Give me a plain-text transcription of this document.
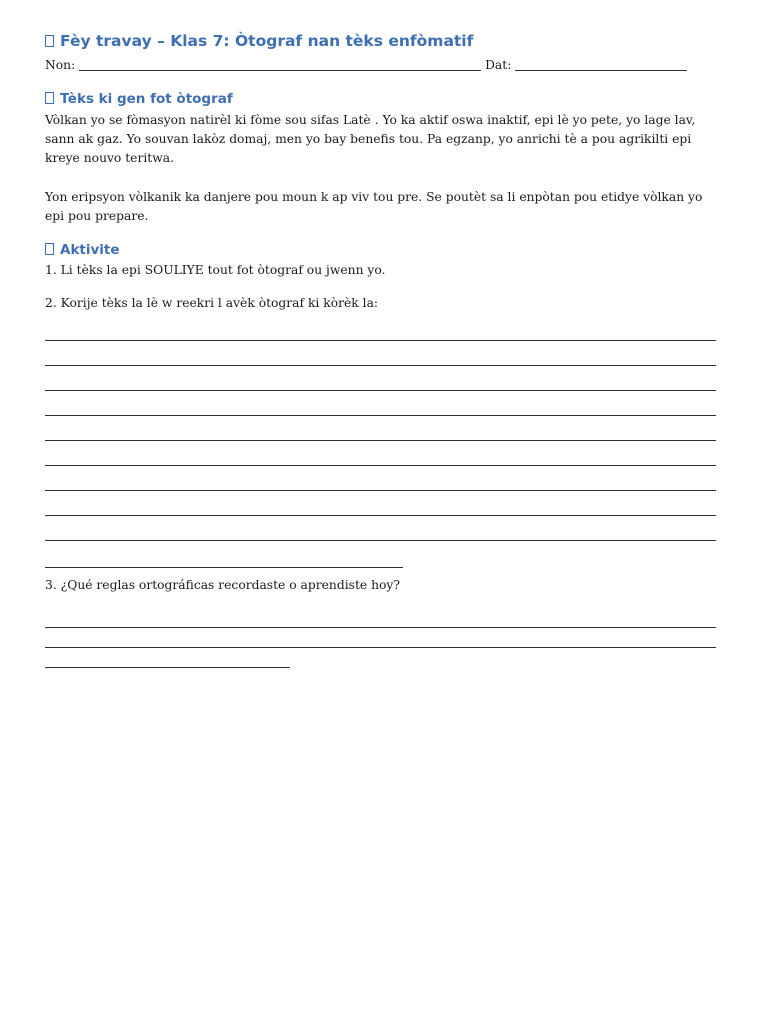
Fèy travay – Klas 7: Òtograf nan tèks enfòmatif
Non:	Dat:
Tèks ki gen fot òtograf
Vòlkan yo se fòmasyon natirèl ki fòme sou sifas Latè . Yo ka aktif oswa inaktif, epi lè yo pete, yo lage lav, sann ak gaz. Yo souvan lakòz domaj, men yo bay benefis tou. Pa egzanp, yo anrichi tè a pou agrikilti epi kreye nouvo teritwa.
Yon eripsyon vòlkanik ka danjere pou moun k ap viv tou pre. Se poutèt sa li enpòtan pou etidye vòlkan yo epi pou prepare.
Aktivite
1. Li tèks la epi SOULIYE tout fot òtograf ou jwenn yo.
2. Korije tèks la lè w reekri l avèk òtograf ki kòrèk la:
3. ¿Qué reglas ortográficas recordaste o aprendiste hoy?
